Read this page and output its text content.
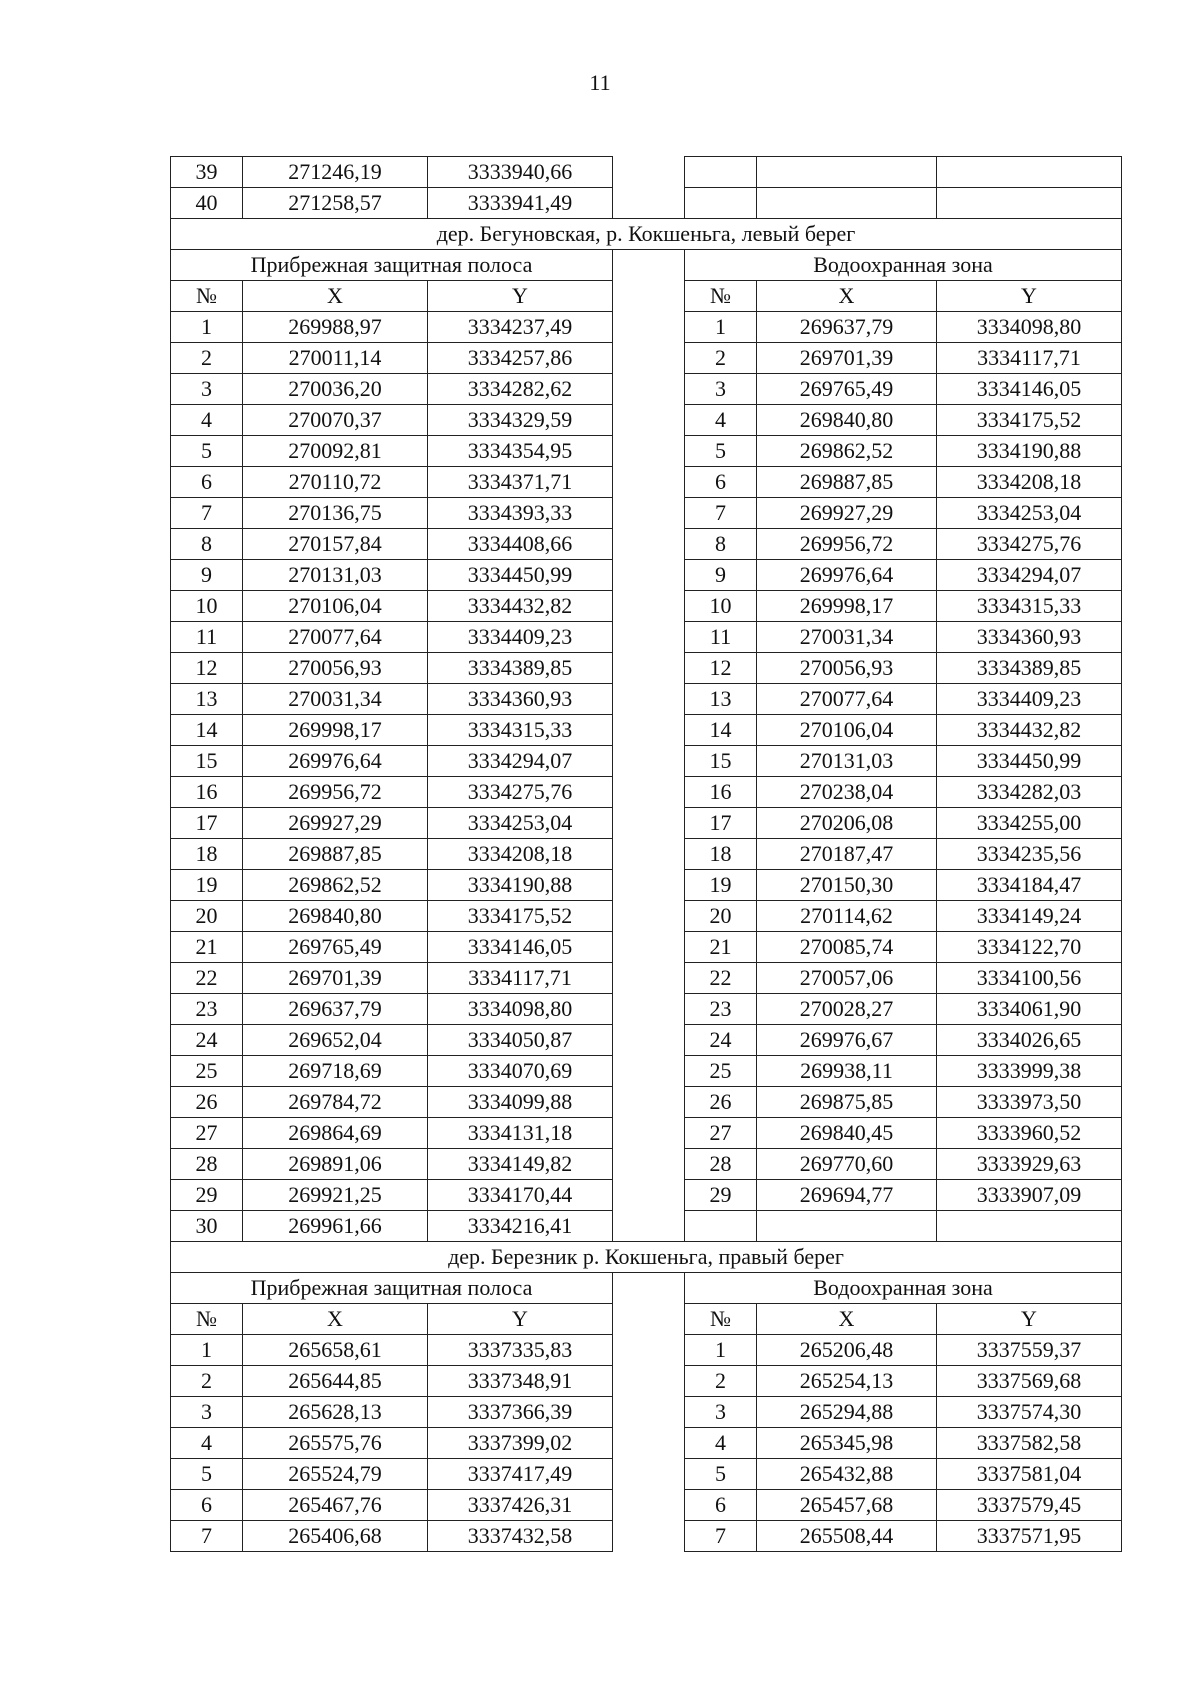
11
39	271246,19	3333940,66				
40	271258,57	3333941,49				
дер. Бегуновская, р. Кокшеньга, левый берег						
Прибрежная защитная полоса				Водоохранная зона		
№	X	Y		№	X	Y
1	269988,97	3334237,49		1	269637,79	3334098,80
2	270011,14	3334257,86		2	269701,39	3334117,71
3	270036,20	3334282,62		3	269765,49	3334146,05
4	270070,37	3334329,59		4	269840,80	3334175,52
5	270092,81	3334354,95		5	269862,52	3334190,88
6	270110,72	3334371,71		6	269887,85	3334208,18
7	270136,75	3334393,33		7	269927,29	3334253,04
8	270157,84	3334408,66		8	269956,72	3334275,76
9	270131,03	3334450,99		9	269976,64	3334294,07
10	270106,04	3334432,82		10	269998,17	3334315,33
11	270077,64	3334409,23		11	270031,34	3334360,93
12	270056,93	3334389,85		12	270056,93	3334389,85
13	270031,34	3334360,93		13	270077,64	3334409,23
14	269998,17	3334315,33		14	270106,04	3334432,82
15	269976,64	3334294,07		15	270131,03	3334450,99
16	269956,72	3334275,76		16	270238,04	3334282,03
17	269927,29	3334253,04		17	270206,08	3334255,00
18	269887,85	3334208,18		18	270187,47	3334235,56
19	269862,52	3334190,88		19	270150,30	3334184,47
20	269840,80	3334175,52		20	270114,62	3334149,24
21	269765,49	3334146,05		21	270085,74	3334122,70
22	269701,39	3334117,71		22	270057,06	3334100,56
23	269637,79	3334098,80		23	270028,27	3334061,90
24	269652,04	3334050,87		24	269976,67	3334026,65
25	269718,69	3334070,69		25	269938,11	3333999,38
26	269784,72	3334099,88		26	269875,85	3333973,50
27	269864,69	3334131,18		27	269840,45	3333960,52
28	269891,06	3334149,82		28	269770,60	3333929,63
29	269921,25	3334170,44		29	269694,77	3333907,09
30	269961,66	3334216,41				
дер. Березник р. Кокшеньга, правый берег						
Прибрежная защитная полоса				Водоохранная зона		
№	X	Y		№	X	Y
1	265658,61	3337335,83		1	265206,48	3337559,37
2	265644,85	3337348,91		2	265254,13	3337569,68
3	265628,13	3337366,39		3	265294,88	3337574,30
4	265575,76	3337399,02		4	265345,98	3337582,58
5	265524,79	3337417,49		5	265432,88	3337581,04
6	265467,76	3337426,31		6	265457,68	3337579,45
7	265406,68	3337432,58		7	265508,44	3337571,95
